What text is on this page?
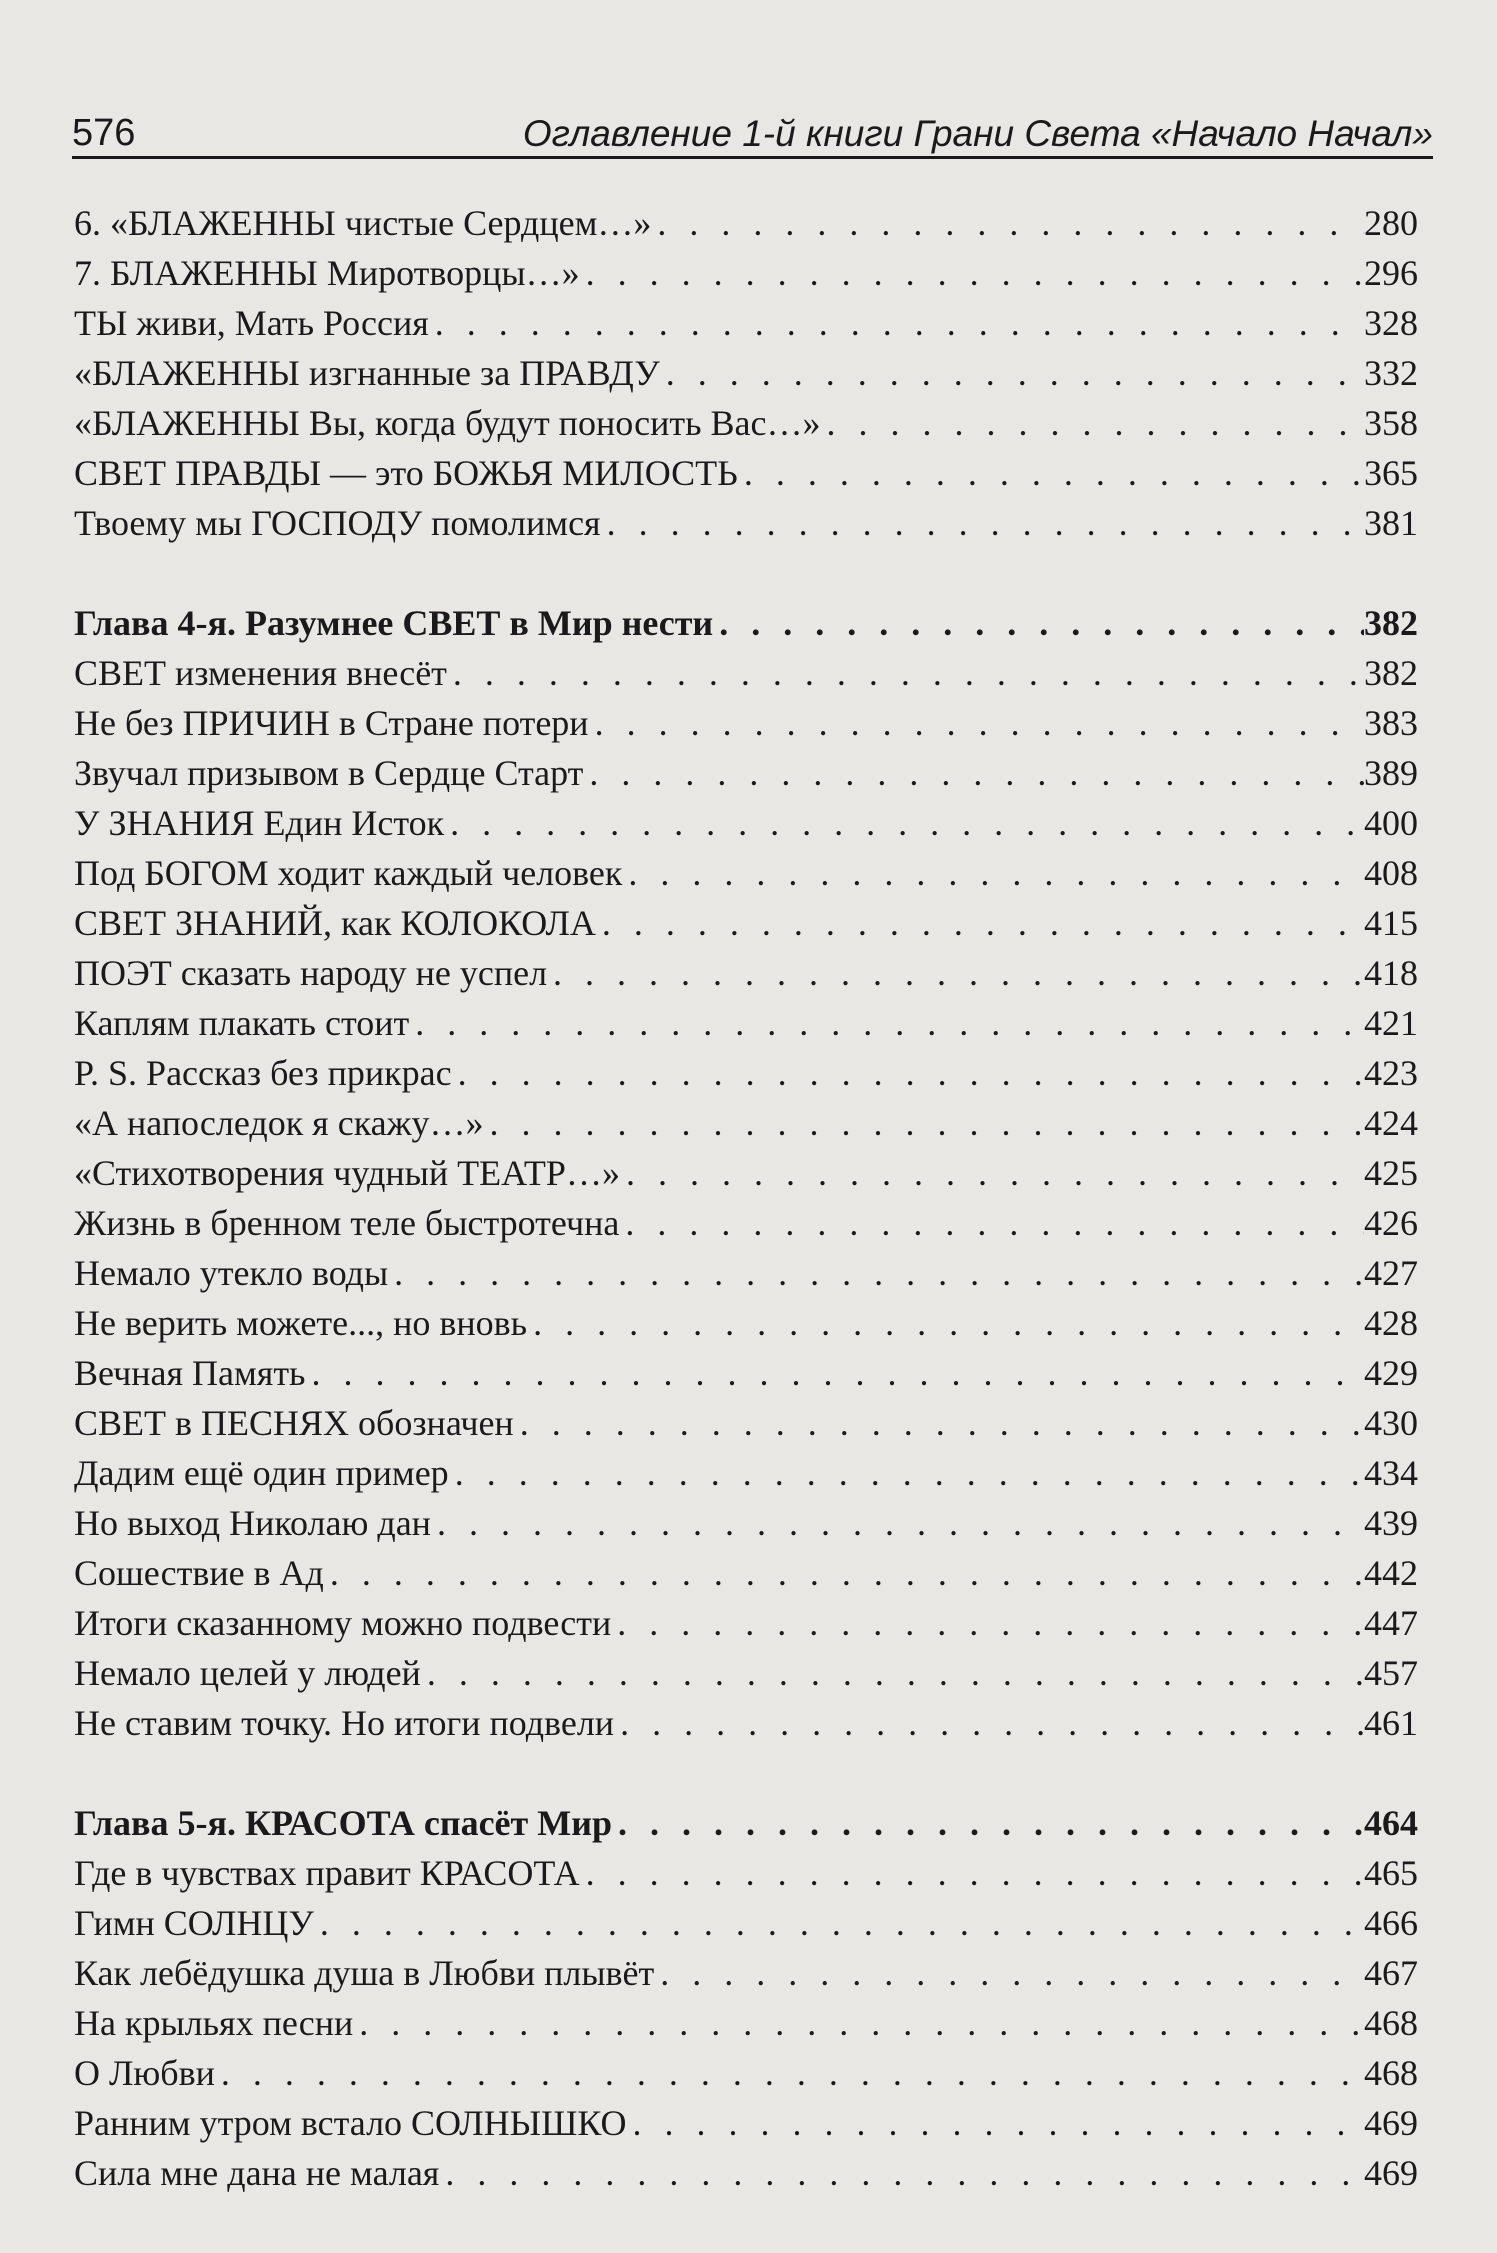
576	Оглавление 1-й книги Грани Света «Начало Начал»
6. «БЛАЖЕННЫ чистые Сердцем…» . . .	280
7. БЛАЖЕННЫ Миротворцы…» . . .	296
ТЫ живи, Мать Россия . . .	328
«БЛАЖЕННЫ изгнанные за ПРАВДУ . . .	332
«БЛАЖЕННЫ Вы, когда будут поносить Вас…» . . .	358
СВЕТ ПРАВДЫ — это БОЖЬЯ МИЛОСТЬ . . .	365
Твоему мы ГОСПОДУ помолимся . . .	381
Глава 4-я. Разумнее СВЕТ в Мир нести . . .	382
СВЕТ изменения внесёт . . .	382
Не без ПРИЧИН в Стране потери . . .	383
Звучал призывом в Сердце Старт . . .	389
У ЗНАНИЯ Един Исток . . .	400
Под БОГОМ ходит каждый человек . . .	408
СВЕТ ЗНАНИЙ, как КОЛОКОЛА . . .	415
ПОЭТ сказать народу не успел . . .	418
Каплям плакать стоит . . .	421
P. S. Рассказ без прикрас . . .	423
«А напоследок я скажу…» . . .	424
«Стихотворения чудный ТЕАТР…» . . .	425
Жизнь в бренном теле быстротечна . . .	426
Немало утекло воды . . .	427
Не верить можете..., но вновь . . .	428
Вечная Память . . .	429
СВЕТ в ПЕСНЯХ обозначен . . .	430
Дадим ещё один пример . . .	434
Но выход Николаю дан . . .	439
Сошествие в Ад . . .	442
Итоги сказанному можно подвести . . .	447
Немало целей у людей . . .	457
Не ставим точку. Но итоги подвели . . .	461
Глава 5-я. КРАСОТА спасёт Мир . . .	464
Где в чувствах правит КРАСОТА . . .	465
Гимн СОЛНЦУ . . .	466
Как лебёдушка душа в Любви плывёт . . .	467
На крыльях песни . . .	468
О Любви . . .	468
Ранним утром встало СОЛНЫШКО . . .	469
Сила мне дана не малая . . .	469
